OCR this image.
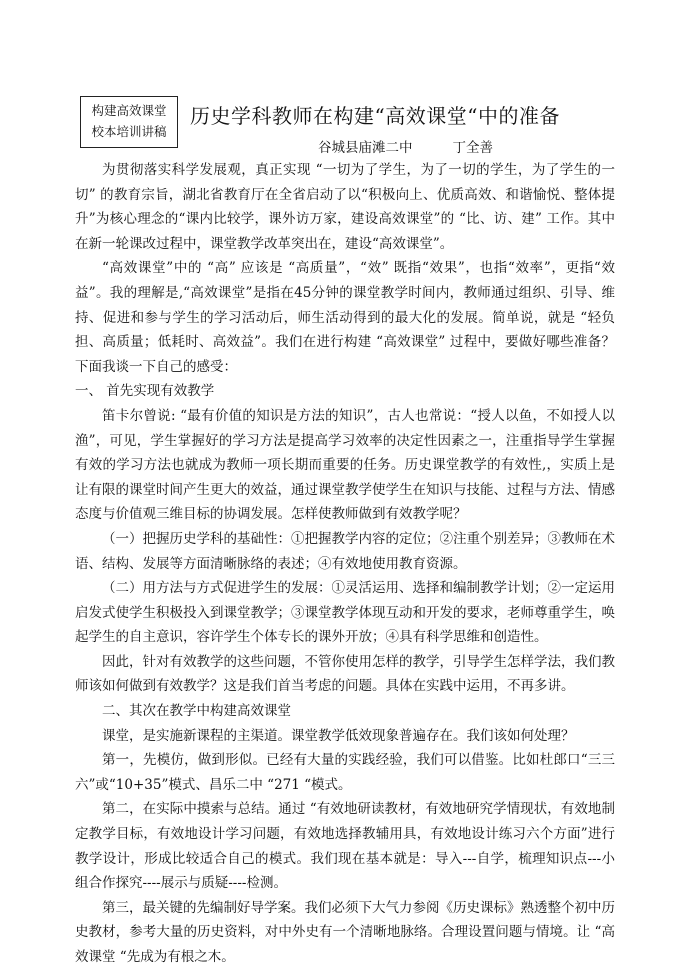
构建高效课堂
校本培训讲稿
历史学科教师在构建“高效课堂“中的准备
谷城县庙滩二中	丁全善

为贯彻落实科学发展观，真正实现 “一切为了学生，为了一切的学生，为了学生的一切” 的教育宗旨，湖北省教育厅在全省启动了以“积极向上、优质高效、和谐愉悦、整体提升”为核心理念的“课内比较学，课外访万家，建设高效课堂”的 “比、访、建” 工作。其中在新一轮课改过程中，课堂教学改革突出在，建设“高效课堂”。

“高效课堂”中的 “高” 应该是 “高质量”，“效” 既指“效果”，也指“效率”，更指“效益”。我的理解是,“高效课堂”是指在45分钟的课堂教学时间内，教师通过组织、引导、维持、促进和参与学生的学习活动后，师生活动得到的最大化的发展。简单说，就是 “轻负担、高质量；低耗时、高效益”。我们在进行构建 “高效课堂” 过程中，要做好哪些准备？下面我谈一下自己的感受：

一、 首先实现有效教学

笛卡尔曾说: “最有价值的知识是方法的知识”，古人也常说：“授人以鱼，不如授人以渔”，可见，学生掌握好的学习方法是提高学习效率的决定性因素之一，注重指导学生掌握有效的学习方法也就成为教师一项长期而重要的任务。历史课堂教学的有效性,，实质上是让有限的课堂时间产生更大的效益，通过课堂教学使学生在知识与技能、过程与方法、情感态度与价值观三维目标的协调发展。怎样使教师做到有效教学呢？

（一）把握历史学科的基础性：①把握教学内容的定位；②注重个别差异；③教师在术语、结构、发展等方面清晰脉络的表述；④有效地使用教育资源。

（二）用方法与方式促进学生的发展：①灵活运用、选择和编制教学计划；②一定运用启发式使学生积极投入到课堂教学；③课堂教学体现互动和开发的要求，老师尊重学生，唤起学生的自主意识，容许学生个体专长的课外开放；④具有科学思维和创造性。

因此，针对有效教学的这些问题，不管你使用怎样的教学，引导学生怎样学法，我们教师该如何做到有效教学？这是我们首当考虑的问题。具体在实践中运用，不再多讲。

二、其次在教学中构建高效课堂

课堂，是实施新课程的主渠道。课堂教学低效现象普遍存在。我们该如何处理？

第一，先模仿，做到形似。已经有大量的实践经验，我们可以借鉴。比如杜郎口“三三六”或“10+35”模式、昌乐二中 “271 “模式。

第二，在实际中摸索与总结。通过 “有效地研读教材，有效地研究学情现状，有效地制定教学目标，有效地设计学习问题，有效地选择教辅用具，有效地设计练习六个方面”进行教学设计，形成比较适合自己的模式。我们现在基本就是：导入---自学，梳理知识点---小组合作探究----展示与质疑----检测。

第三，最关键的先编制好导学案。我们必须下大气力参阅《历史课标》熟透整个初中历史教材，参考大量的历史资料，对中外史有一个清晰地脉络。合理设置问题与情境。让 “高效课堂 “先成为有根之木。
